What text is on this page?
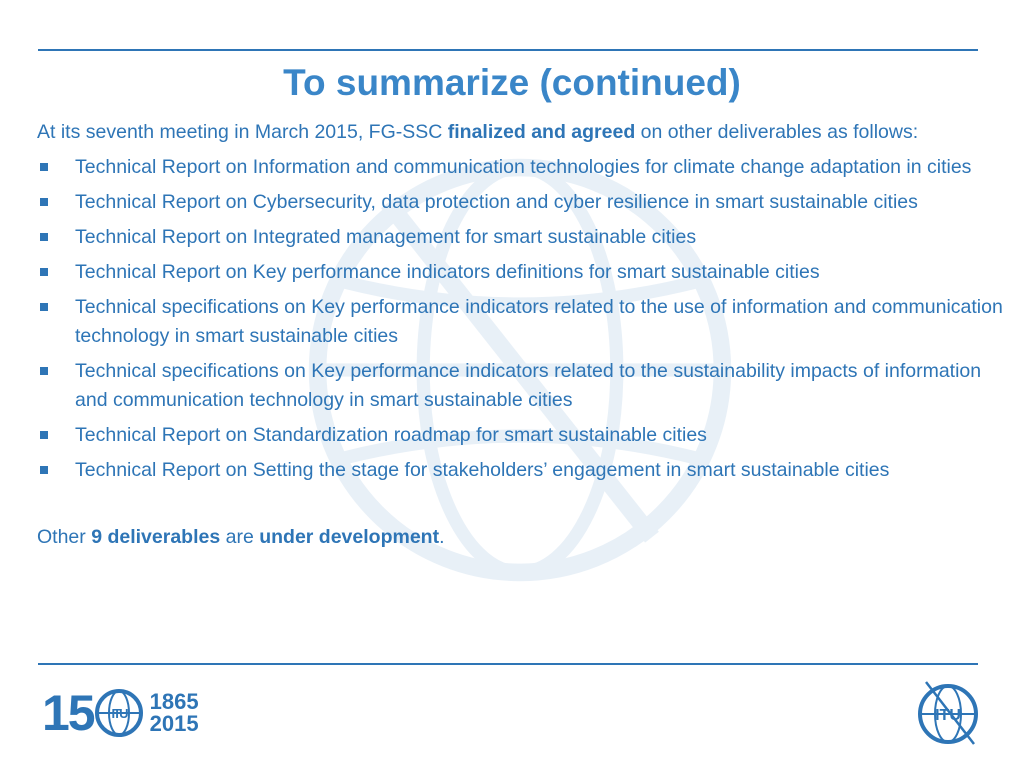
To summarize (continued)

At its seventh meeting in March 2015, FG-SSC finalized and agreed on other deliverables as follows:

Technical Report on Information and communication technologies for climate change adaptation in cities
Technical Report on Cybersecurity, data protection and cyber resilience in smart sustainable cities
Technical Report on Integrated management for smart sustainable cities
Technical Report on Key performance indicators definitions for smart sustainable cities
Technical specifications on Key performance indicators related to the use of information and communication technology in smart sustainable cities
Technical specifications on Key performance indicators related to the sustainability impacts of information and communication technology in smart sustainable cities
Technical Report on Standardization roadmap for smart sustainable cities
Technical Report on Setting the stage for stakeholders’ engagement in smart sustainable cities

Other 9 deliverables are under development.

15 ITU 1865
2015	ITU
